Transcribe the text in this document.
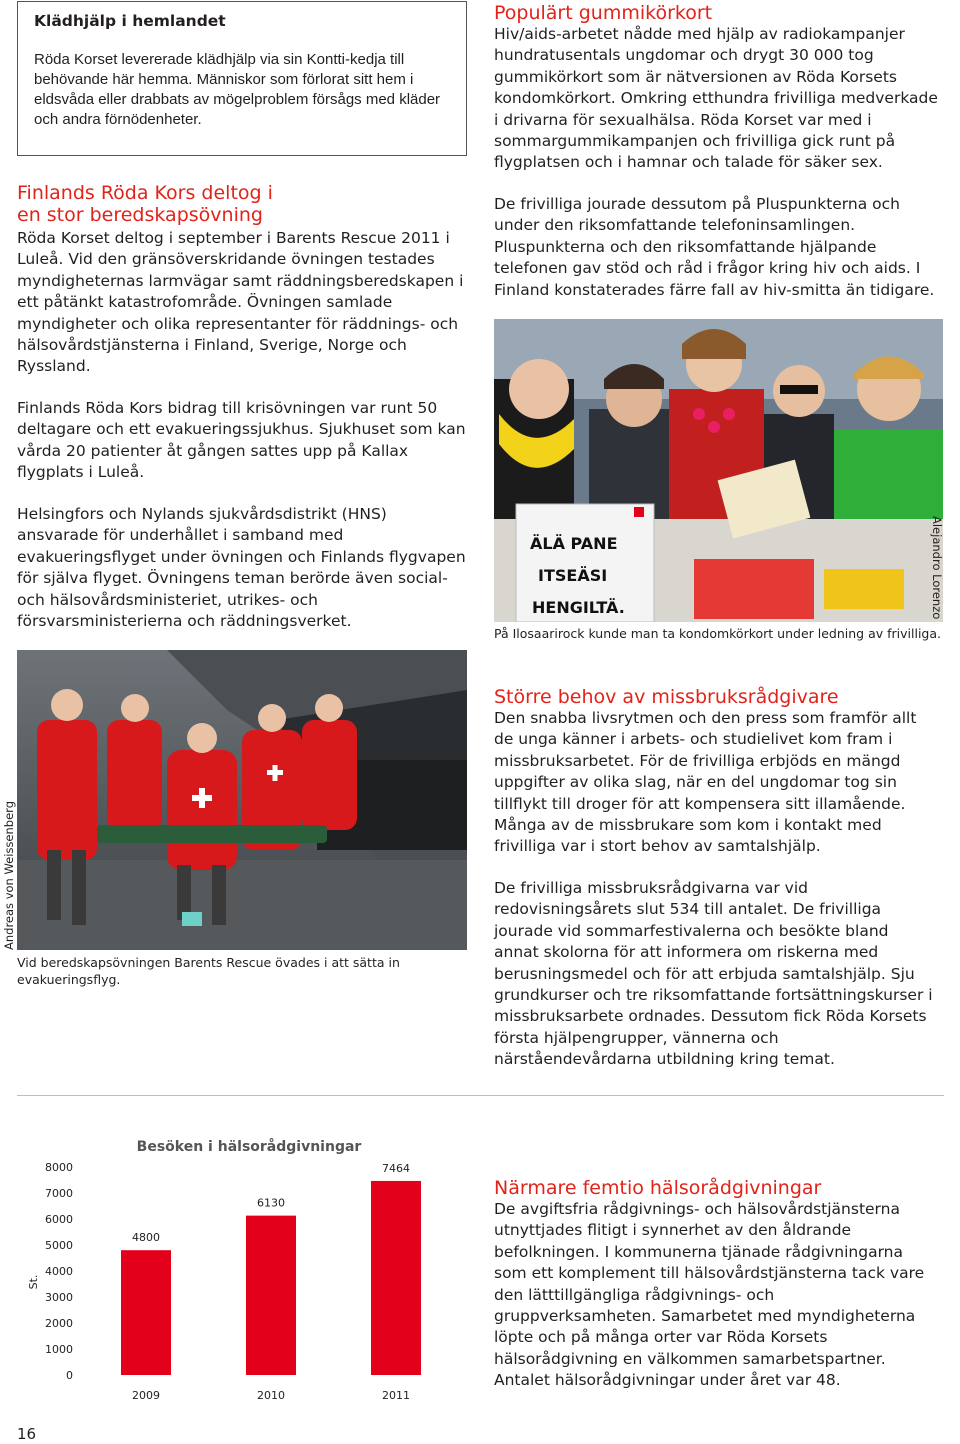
Klädhjälp i hemlandet
Röda Korset levererade klädhjälp via sin Kontti-kedja till behövande här hemma. Människor som förlorat sitt hem i eldsvåda eller drabbats av mögelproblem försågs med kläder och andra förnödenheter.
Finlands Röda Kors deltog i en stor beredskapsövning
Röda Korset deltog i september i Barents Rescue 2011 i Luleå. Vid den gränsöverskridande övningen testades myndigheternas larmvägar samt räddningsberedskapen i ett påtänkt katastrofområde. Övningen samlade myndigheter och olika representanter för räddnings- och hälsovårdstjänsterna i Finland, Sverige, Norge och Ryssland.
Finlands Röda Kors bidrag till krisövningen var runt 50 deltagare och ett evakueringssjukhus. Sjukhuset som kan vårda 20 patienter åt gången sattes upp på Kallax flygplats i Luleå.
Helsingfors och Nylands sjukvårdsdistrikt (HNS) ansvarade för underhållet i samband med evakueringsflyget under övningen och Finlands flygvapen för själva flyget. Övningens teman berörde även social- och hälsovårdsministeriet, utrikes- och försvarsministerierna och räddningsverket.
Andreas von Weissenberg
Vid beredskapsövningen Barents Rescue övades i att sätta in evakueringsflyg.
Populärt gummikörkort
Hiv/aids-arbetet nådde med hjälp av radiokampanjer hundratusentals ungdomar och drygt 30 000 tog gummikörkort som är nätversionen av Röda Korsets kondomkörkort. Omkring etthundra frivilliga medverkade i drivarna för sexualhälsa. Röda Korset var med i sommargummikampanjen och frivilliga gick runt på flygplatsen och i hamnar och talade för säker sex.
De frivilliga jourade dessutom på Pluspunkterna och under den riksomfattande telefoninsamlingen. Pluspunkterna och den riksomfattande hjälpande telefonen gav stöd och råd i frågor kring hiv och aids. I Finland konstaterades färre fall av hiv-smitta än tidigare.
ÄLÄ PANE
ITSEÄSI
HENGILTÄ.	Alejandro Lorenzo
På Ilosaarirock kunde man ta kondomkörkort under ledning av frivilliga.
Större behov av missbruksrådgivare
Den snabba livsrytmen och den press som framför allt de unga känner i arbets- och studielivet kom fram i missbruksarbetet. För de frivilliga erbjöds en mängd uppgifter av olika slag, när en del ungdomar tog sin tillflykt till droger för att kompensera sitt illamående. Många av de missbrukare som kom i kontakt med frivilliga var i stort behov av samtalshjälp.
De frivilliga missbruksrådgivarna var vid redovisningsårets slut 534 till antalet. De frivilliga jourade vid sommarfestivalerna och besökte bland annat skolorna för att informera om riskerna med berusningsmedel och för att erbjuda samtalshjälp. Sju grundkurser och tre riksomfattande fortsättningskurser i missbruksarbete ordnades. Dessutom fick Röda Korsets första hjälpengrupper, vännerna och närståendevårdarna utbildning kring temat.
Besöken i hälsorådgivningar
St.
0
1000
2000
3000
4000
5000
6000
7000
8000
4800
6130
7464
2009	2010	2011
Närmare femtio hälsorådgivningar
De avgiftsfria rådgivnings- och hälsovårdstjänsterna utnyttjades flitigt i synnerhet av den åldrande befolkningen. I kommunerna tjänade rådgivningarna som ett komplement till hälsovårdstjänsterna tack vare den lätttillgängliga rådgivnings- och gruppverksamheten. Samarbetet med myndigheterna löpte och på många orter var Röda Korsets hälsorådgivning en välkommen samarbetspartner. Antalet hälsorådgivningar under året var 48.
16
